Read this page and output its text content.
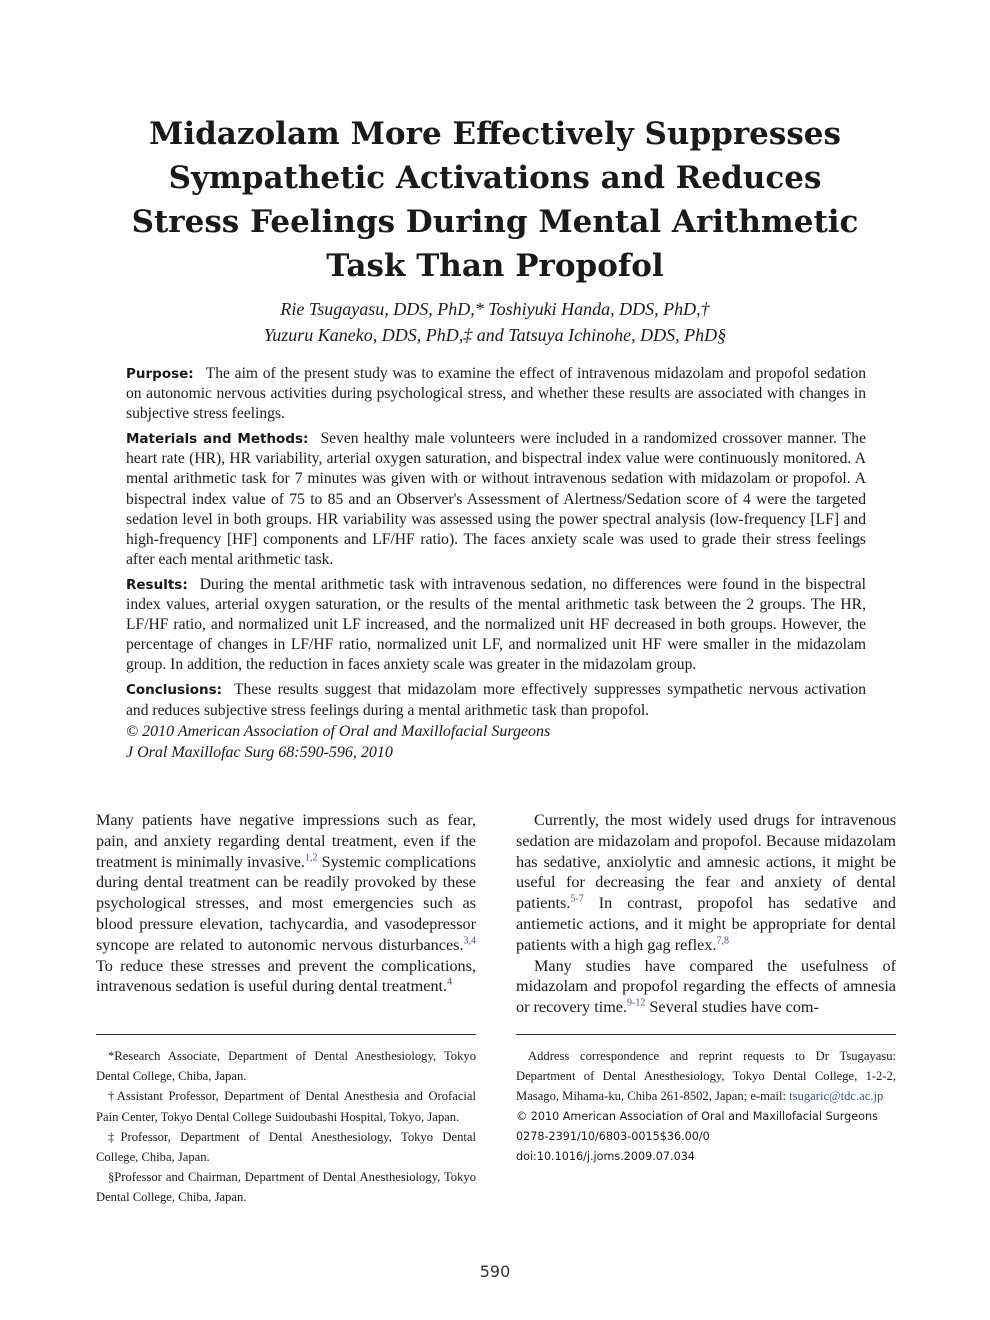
Midazolam More Effectively Suppresses Sympathetic Activations and Reduces Stress Feelings During Mental Arithmetic Task Than Propofol
Rie Tsugayasu, DDS, PhD,* Toshiyuki Handa, DDS, PhD,†
Yuzuru Kaneko, DDS, PhD,‡ and Tatsuya Ichinohe, DDS, PhD§

Purpose: The aim of the present study was to examine the effect of intravenous midazolam and propofol sedation on autonomic nervous activities during psychological stress, and whether these results are associated with changes in subjective stress feelings.

Materials and Methods: Seven healthy male volunteers were included in a randomized crossover manner. The heart rate (HR), HR variability, arterial oxygen saturation, and bispectral index value were continuously monitored. A mental arithmetic task for 7 minutes was given with or without intravenous sedation with midazolam or propofol. A bispectral index value of 75 to 85 and an Observer's Assessment of Alertness/Sedation score of 4 were the targeted sedation level in both groups. HR variability was assessed using the power spectral analysis (low-frequency [LF] and high-frequency [HF] components and LF/HF ratio). The faces anxiety scale was used to grade their stress feelings after each mental arithmetic task.

Results: During the mental arithmetic task with intravenous sedation, no differences were found in the bispectral index values, arterial oxygen saturation, or the results of the mental arithmetic task between the 2 groups. The HR, LF/HF ratio, and normalized unit LF increased, and the normalized unit HF decreased in both groups. However, the percentage of changes in LF/HF ratio, normalized unit LF, and normalized unit HF were smaller in the midazolam group. In addition, the reduction in faces anxiety scale was greater in the midazolam group.

Conclusions: These results suggest that midazolam more effectively suppresses sympathetic nervous activation and reduces subjective stress feelings during a mental arithmetic task than propofol.
© 2010 American Association of Oral and Maxillofacial Surgeons
J Oral Maxillofac Surg 68:590-596, 2010

Many patients have negative impressions such as fear, pain, and anxiety regarding dental treatment, even if the treatment is minimally invasive.$^{1,2}$ Systemic complications during dental treatment can be readily provoked by these psychological stresses, and most emergencies such as blood pressure elevation, tachycardia, and vasodepressor syncope are related to autonomic nervous disturbances.$^{3,4}$ To reduce these stresses and prevent the complications, intravenous sedation is useful during dental treatment.$^4$

Currently, the most widely used drugs for intravenous sedation are midazolam and propofol. Because midazolam has sedative, anxiolytic and amnesic actions, it might be useful for decreasing the fear and anxiety of dental patients.$^{5-7}$ In contrast, propofol has sedative and antiemetic actions, and it might be appropriate for dental patients with a high gag reflex.$^{7,8}$

Many studies have compared the usefulness of midazolam and propofol regarding the effects of amnesia or recovery time.$^{9-12}$ Several studies have com-

*Research Associate, Department of Dental Anesthesiology, Tokyo Dental College, Chiba, Japan.

†Assistant Professor, Department of Dental Anesthesia and Orofacial Pain Center, Tokyo Dental College Suidoubashi Hospital, Tokyo, Japan.

‡Professor, Department of Dental Anesthesiology, Tokyo Dental College, Chiba, Japan.

§Professor and Chairman, Department of Dental Anesthesiology, Tokyo Dental College, Chiba, Japan.

Address correspondence and reprint requests to Dr Tsugayasu: Department of Dental Anesthesiology, Tokyo Dental College, 1-2-2, Masago, Mihama-ku, Chiba 261-8502, Japan; e-mail: tsugaric@tdc.ac.jp

© 2010 American Association of Oral and Maxillofacial Surgeons

0278-2391/10/6803-0015$36.00/0

doi:10.1016/j.joms.2009.07.034

590
